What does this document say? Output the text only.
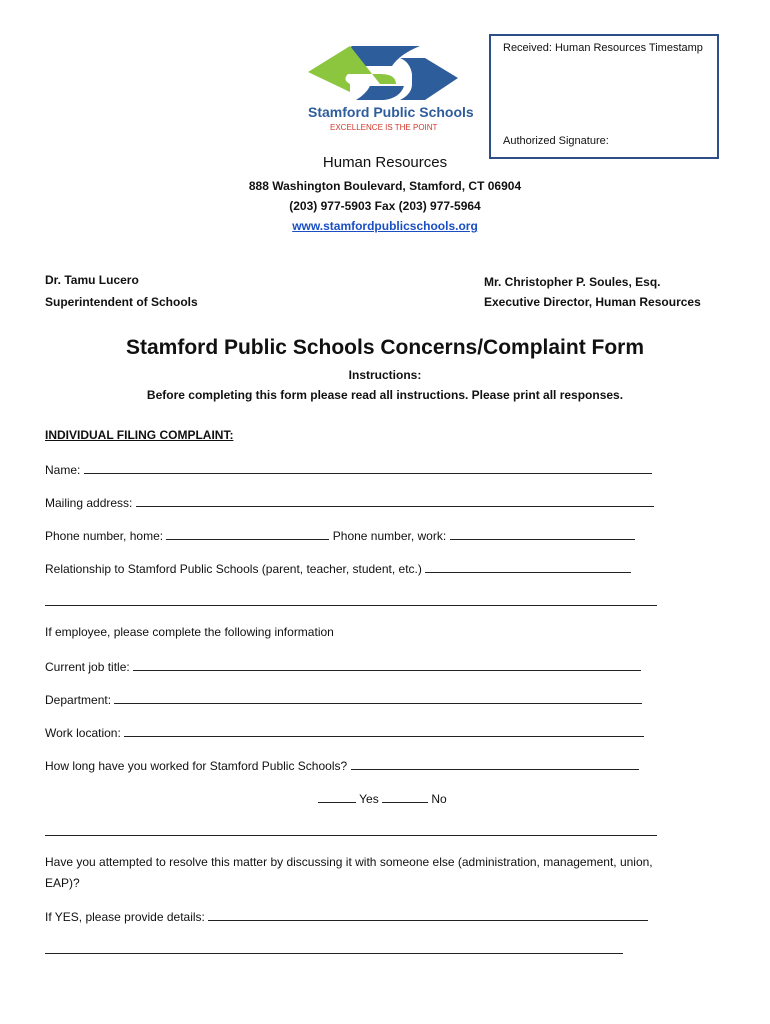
Received: Human Resources Timestamp
Authorized Signature:
Stamford Public Schools
EXCELLENCE IS THE POINT
Human Resources
888 Washington Boulevard, Stamford, CT 06904
(203) 977-5903 Fax (203) 977-5964
www.stamfordpublicschools.org
Dr. Tamu Lucero
Superintendent of Schools
Mr. Christopher P. Soules, Esq.
Executive Director, Human Resources
Stamford Public Schools Concerns/Complaint Form
Instructions:
Before completing this form please read all instructions. Please print all responses.
INDIVIDUAL FILING COMPLAINT:
Name:
Mailing address:
Phone number, home:	Phone number, work:
Relationship to Stamford Public Schools (parent, teacher, student, etc.)
If employee, please complete the following information
Current job title:
Department:
Work location:
How long have you worked for Stamford Public Schools?
Yes	No
Have you attempted to resolve this matter by discussing it with someone else (administration, management, union,
EAP)?
If YES, please provide details:
